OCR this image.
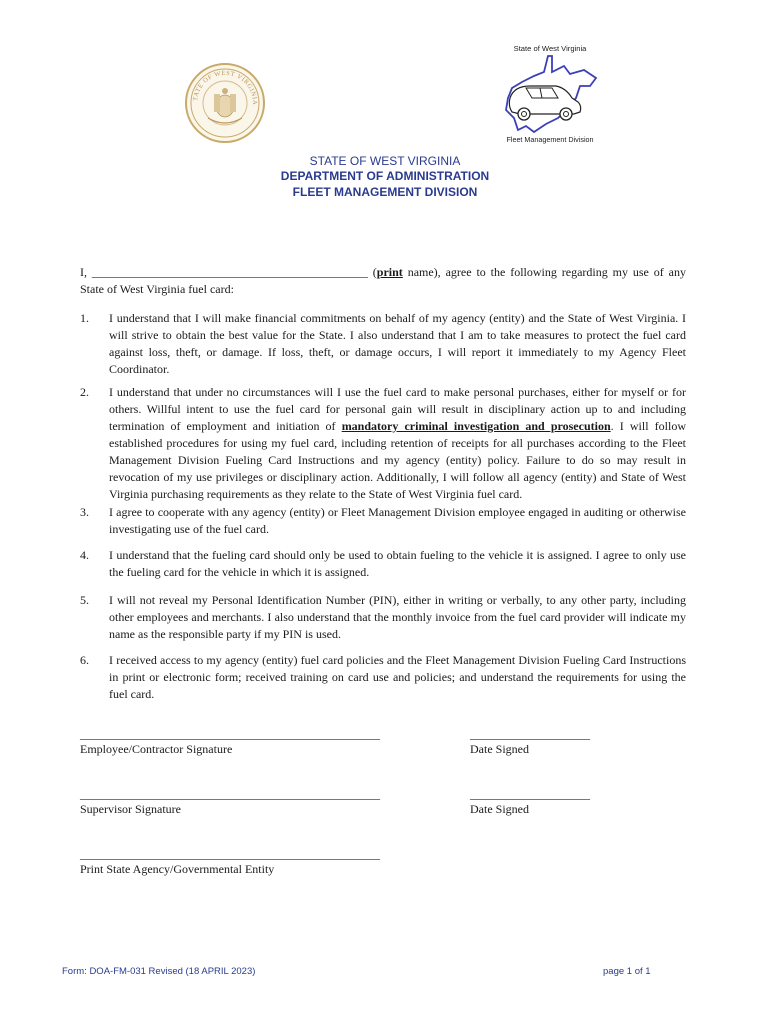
TATE OF WEST VIRGINIA
State of West Virginia
Fleet Management Division
STATE OF WEST VIRGINIA
DEPARTMENT OF ADMINISTRATION
FLEET MANAGEMENT DIVISION
I, ______________________________________________ (print name), agree to the following regarding my use of any State of West Virginia fuel card:
1. I understand that I will make financial commitments on behalf of my agency (entity) and the State of West Virginia. I will strive to obtain the best value for the State. I also understand that I am to take measures to protect the fuel card against loss, theft, or damage. If loss, theft, or damage occurs, I will report it immediately to my Agency Fleet Coordinator.
2. I understand that under no circumstances will I use the fuel card to make personal purchases, either for myself or for others. Willful intent to use the fuel card for personal gain will result in disciplinary action up to and including termination of employment and initiation of mandatory criminal investigation and prosecution. I will follow established procedures for using my fuel card, including retention of receipts for all purchases according to the Fleet Management Division Fueling Card Instructions and my agency (entity) policy. Failure to do so may result in revocation of my use privileges or disciplinary action. Additionally, I will follow all agency (entity) and State of West Virginia purchasing requirements as they relate to the State of West Virginia fuel card.
3. I agree to cooperate with any agency (entity) or Fleet Management Division employee engaged in auditing or otherwise investigating use of the fuel card.
4. I understand that the fueling card should only be used to obtain fueling to the vehicle it is assigned. I agree to only use the fueling card for the vehicle in which it is assigned.
5. I will not reveal my Personal Identification Number (PIN), either in writing or verbally, to any other party, including other employees and merchants. I also understand that the monthly invoice from the fuel card provider will indicate my name as the responsible party if my PIN is used.
6. I received access to my agency (entity) fuel card policies and the Fleet Management Division Fueling Card Instructions in print or electronic form; received training on card use and policies; and understand the requirements for using the fuel card.
__________________________________________________	____________________
Employee/Contractor Signature	Date Signed
__________________________________________________	____________________
Supervisor Signature	Date Signed
__________________________________________________
Print State Agency/Governmental Entity
Form: DOA-FM-031 Revised (18 APRIL 2023)	page 1 of 1
